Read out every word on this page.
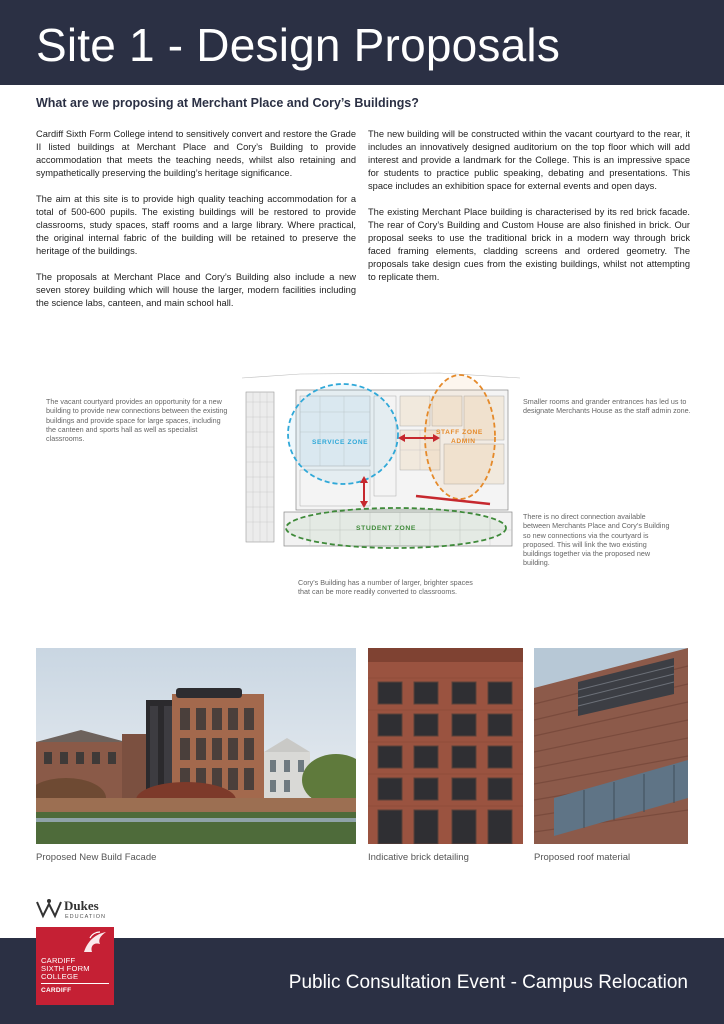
Site 1 - Design Proposals
What are we proposing at Merchant Place and Cory’s Buildings?

Cardiff Sixth Form College intend to sensitively convert and restore the Grade II listed buildings at Merchant Place and Cory’s Building to provide accommodation that meets the teaching needs, whilst also retaining and sympathetically preserving the building’s heritage significance.

The aim at this site is to provide high quality teaching accommodation for a total of 500-600 pupils. The existing buildings will be restored to provide classrooms, study spaces, staff rooms and a large library. Where practical, the original internal fabric of the building will be retained to preserve the heritage of the buildings.

The proposals at Merchant Place and Cory’s Building also include a new seven storey building which will house the larger, modern facilities including the science labs, canteen, and main school hall.

The new building will be constructed within the vacant courtyard to the rear, it includes an innovatively designed auditorium on the top floor which will add interest and provide a landmark for the College. This is an impressive space for students to practice public speaking, debating and presentations. This space includes an exhibition space for external events and open days.

The existing Merchant Place building is characterised by its red brick facade. The rear of Cory’s Building and Custom House are also finished in brick. Our proposal seeks to use the traditional brick in a modern way through brick faced framing elements, cladding screens and ordered geometry. The proposals take design cues from the existing buildings, whilst not attempting to replicate them.

SERVICE ZONE
STAFF ZONE
ADMIN
STUDENT ZONE
The vacant courtyard provides an opportunity for a new building to provide new connections between the existing buildings and provide space for large spaces, including the canteen and sports hall as well as specialist classrooms.
Smaller rooms and grander entrances has led us to designate Merchants House as the staff admin zone.
There is no direct connection available between Merchants Place and Cory’s Building so new connections via the courtyard is proposed. This will link the two existing buildings together via the proposed new building.
Cory’s Building has a number of larger, brighter spaces that can be more readily converted to classrooms.
Proposed New Build Facade	Indicative brick detailing	Proposed roof material
Dukes
EDUCATION
Public Consultation Event - Campus Relocation
CARDIFF
SIXTH FORM
COLLEGE
CARDIFF
